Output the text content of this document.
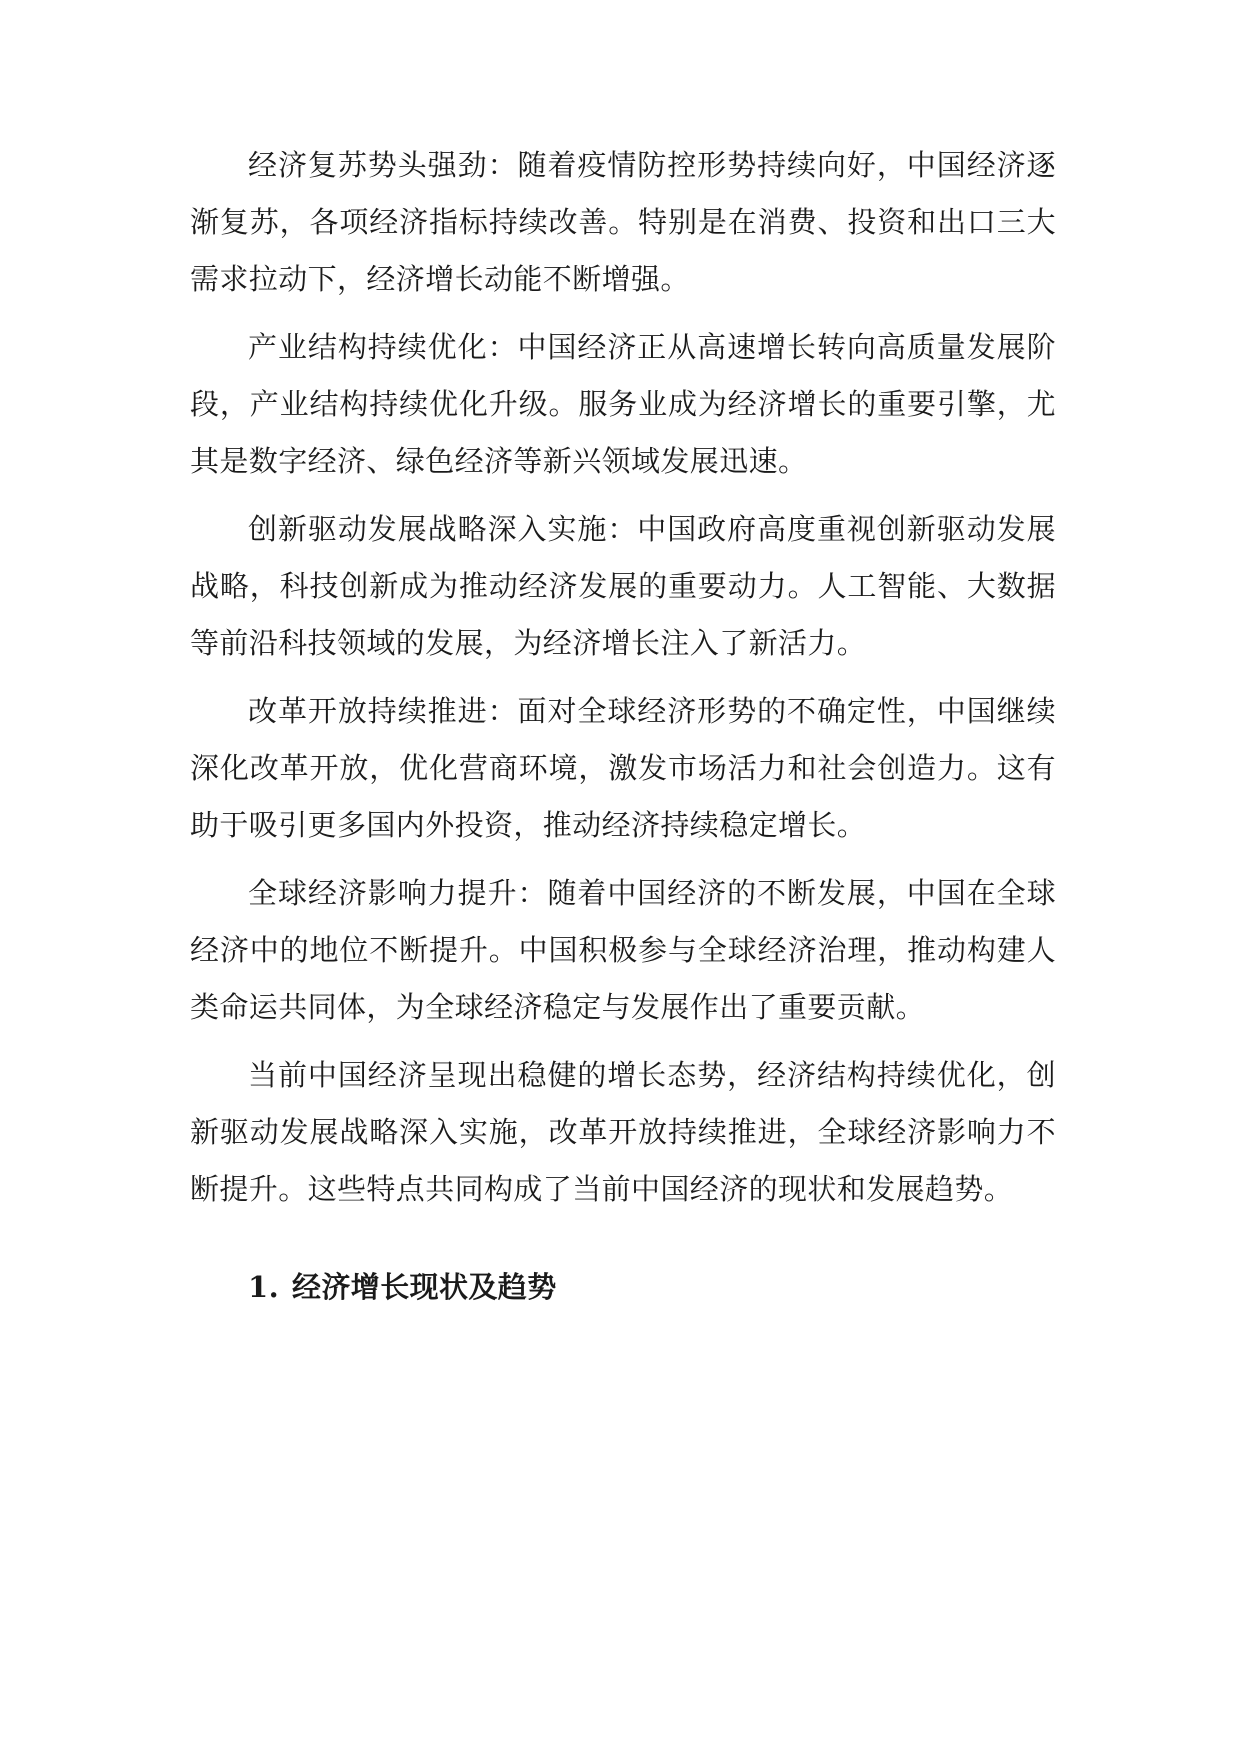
经济复苏势头强劲：随着疫情防控形势持续向好，中国经济逐渐复苏，各项经济指标持续改善。特别是在消费、投资和出口三大需求拉动下，经济增长动能不断增强。

产业结构持续优化：中国经济正从高速增长转向高质量发展阶段，产业结构持续优化升级。服务业成为经济增长的重要引擎，尤其是数字经济、绿色经济等新兴领域发展迅速。

创新驱动发展战略深入实施：中国政府高度重视创新驱动发展战略，科技创新成为推动经济发展的重要动力。人工智能、大数据等前沿科技领域的发展，为经济增长注入了新活力。

改革开放持续推进：面对全球经济形势的不确定性，中国继续深化改革开放，优化营商环境，激发市场活力和社会创造力。这有助于吸引更多国内外投资，推动经济持续稳定增长。

全球经济影响力提升：随着中国经济的不断发展，中国在全球经济中的地位不断提升。中国积极参与全球经济治理，推动构建人类命运共同体，为全球经济稳定与发展作出了重要贡献。

当前中国经济呈现出稳健的增长态势，经济结构持续优化，创新驱动发展战略深入实施，改革开放持续推进，全球经济影响力不断提升。这些特点共同构成了当前中国经济的现状和发展趋势。

1. 经济增长现状及趋势
